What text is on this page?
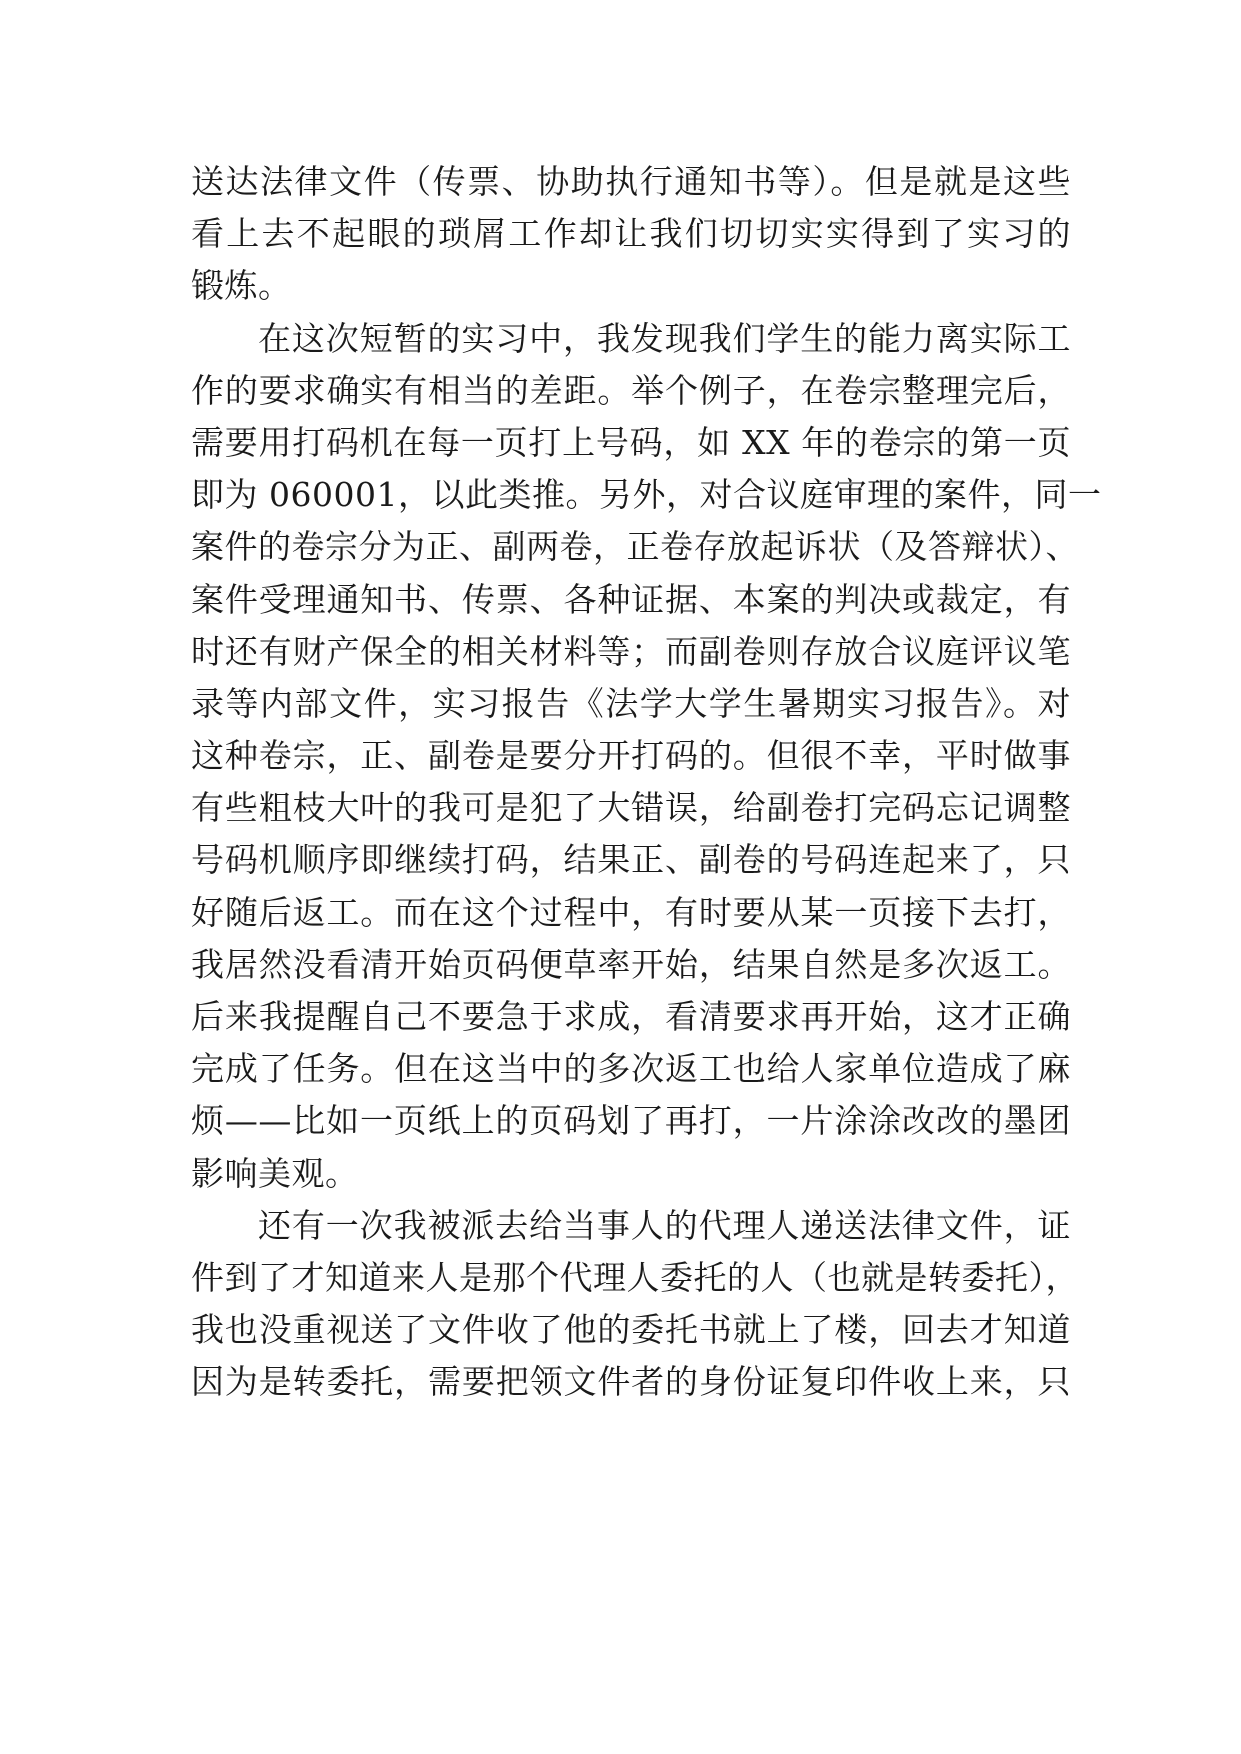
送达法律文件（传票、协助执行通知书等）。但是就是这些
看上去不起眼的琐屑工作却让我们切切实实得到了实习的
锻炼。
在这次短暂的实习中，我发现我们学生的能力离实际工
作的要求确实有相当的差距。举个例子，在卷宗整理完后，
需要用打码机在每一页打上号码，如 XX 年的卷宗的第一页
即为 060001，以此类推。另外，对合议庭审理的案件，同一
案件的卷宗分为正、副两卷，正卷存放起诉状（及答辩状）、
案件受理通知书、传票、各种证据、本案的判决或裁定，有
时还有财产保全的相关材料等；而副卷则存放合议庭评议笔
录等内部文件，实习报告《法学大学生暑期实习报告》。对
这种卷宗，正、副卷是要分开打码的。但很不幸，平时做事
有些粗枝大叶的我可是犯了大错误，给副卷打完码忘记调整
号码机顺序即继续打码，结果正、副卷的号码连起来了，只
好随后返工。而在这个过程中，有时要从某一页接下去打，
我居然没看清开始页码便草率开始，结果自然是多次返工。
后来我提醒自己不要急于求成，看清要求再开始，这才正确
完成了任务。但在这当中的多次返工也给人家单位造成了麻
烦——比如一页纸上的页码划了再打，一片涂涂改改的墨团
影响美观。
还有一次我被派去给当事人的代理人递送法律文件，证
件到了才知道来人是那个代理人委托的人（也就是转委托），
我也没重视送了文件收了他的委托书就上了楼，回去才知道
因为是转委托，需要把领文件者的身份证复印件收上来，只
